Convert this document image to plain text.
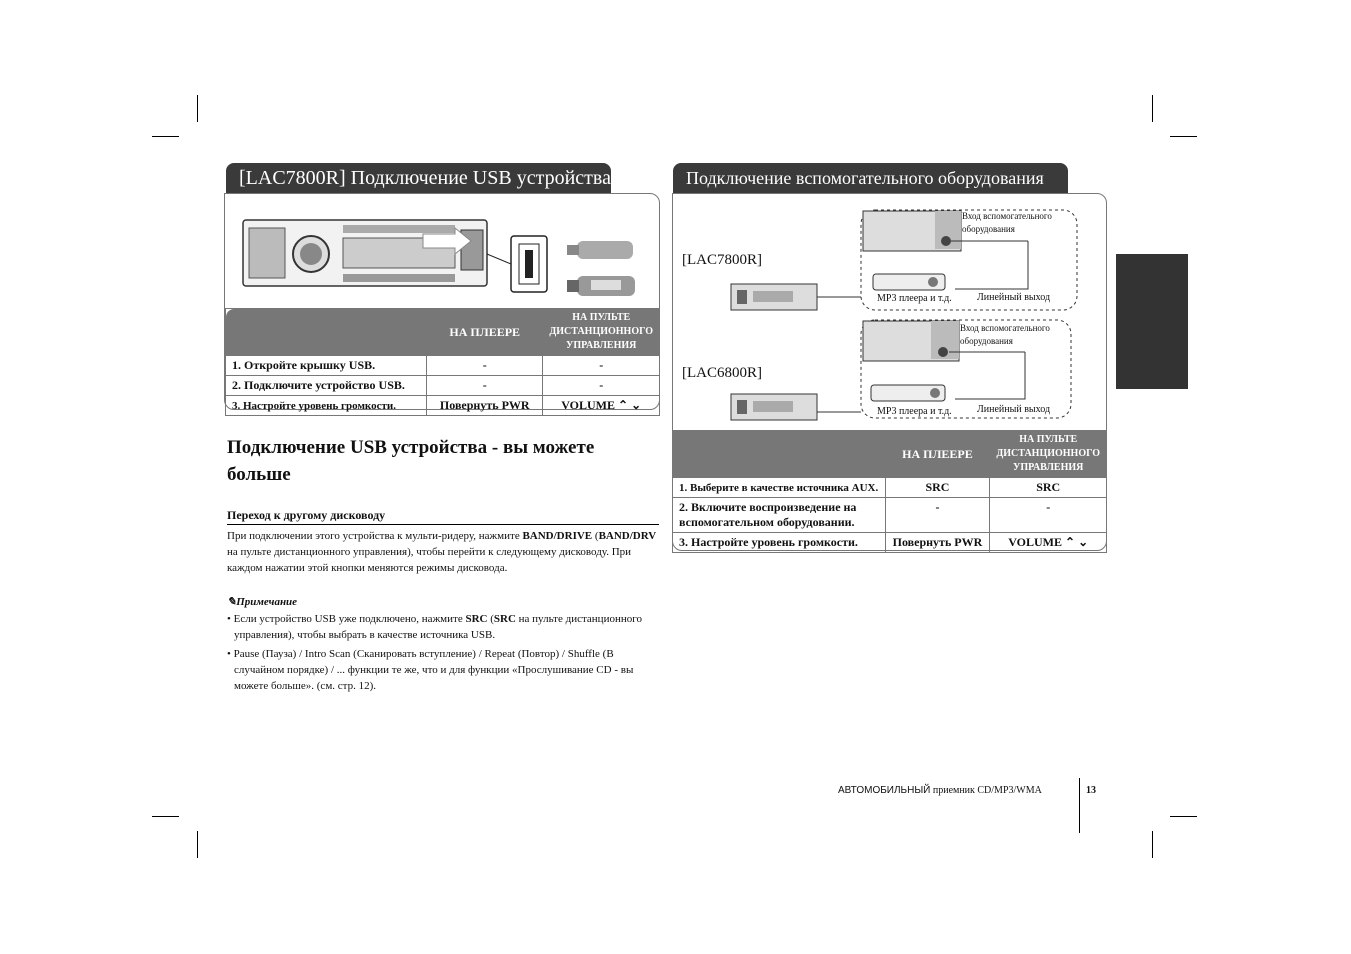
[LAC7800R] Подключение USB устройства
	НА ПЛЕЕРЕ	НА ПУЛЬТЕ ДИСТАНЦИОННОГО УПРАВЛЕНИЯ
1. Откройте крышку USB.	-	-
2. Подключите устройство USB.	-	-
3. Настройте уровень громкости.	Повернуть PWR	VOLUME ⌃ ⌄
Подключение USB устройства - вы можете больше
Переход к другому дисководу
При подключении этого устройства к мульти-ридеру, нажмите BAND/DRIVE (BAND/DRV на пульте дистанционного управления), чтобы перейти к следующему дисководу. При каждом нажатии этой кнопки меняются режимы дисковода.
✎Примечание
• Если устройство USB уже подключено, нажмите SRC (SRC на пульте дистанционного управления), чтобы выбрать в качестве источника USB.
• Pause (Пауза) / Intro Scan (Сканировать вступление) / Repeat (Повтор) / Shuffle (В случайном порядке) / ... функции те же, что и для функции «Прослушивание CD - вы можете больше». (см. стр. 12).
Подключение вспомогательного оборудования
[LAC7800R]
[LAC6800R]
Вход вспомогательного оборудования
MP3 плеера и т.д.	Линейный выход
Вход вспомогательного оборудования
MP3 плеера и т.д.	Линейный выход
	НА ПЛЕЕРЕ	НА ПУЛЬТЕ ДИСТАНЦИОННОГО УПРАВЛЕНИЯ
1. Выберите в качестве источника AUX.	SRC	SRC
2. Включите воспроизведение на вспомогательном оборудовании.	-	-
3. Настройте уровень громкости.	Повернуть PWR	VOLUME ⌃ ⌄
АВТОМОБИЛЬНЫЙ приемник CD/MP3/WMA	13
